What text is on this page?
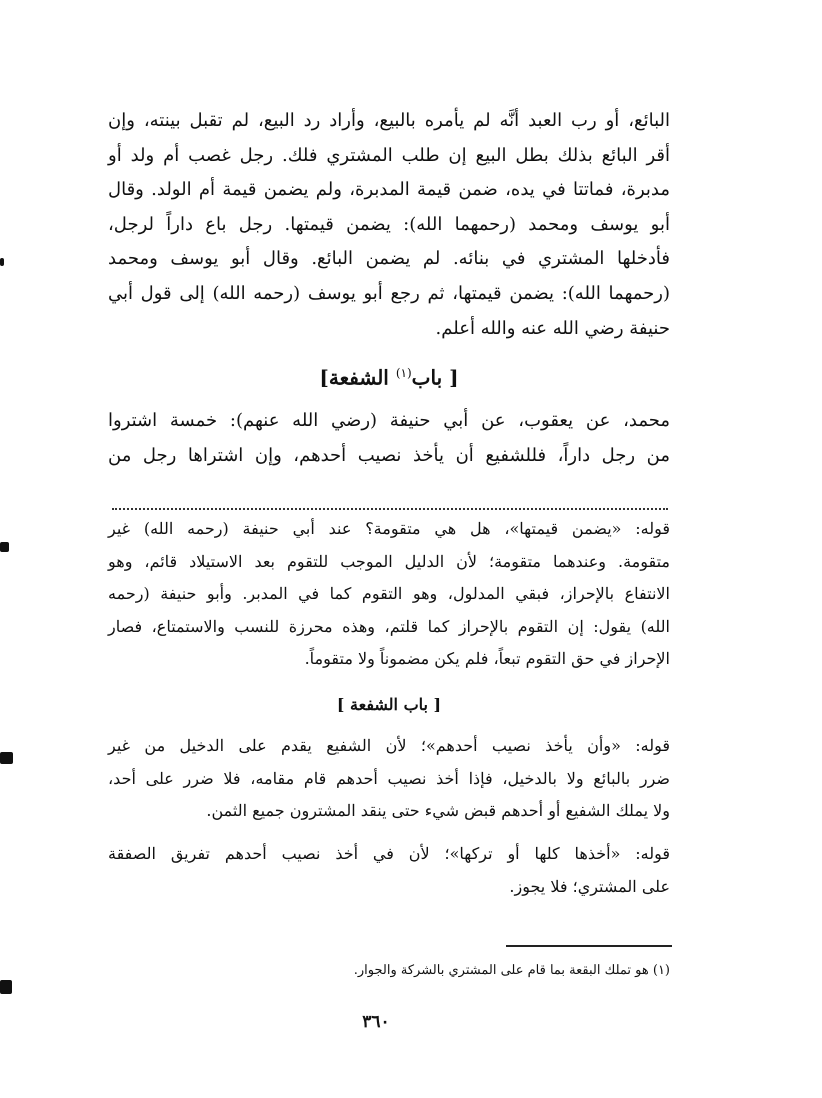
البائع، أو رب العبد أنَّه لم يأمره بالبيع، وأراد رد البيع، لم تقبل بينته، وإن
أقر البائع بذلك بطل البيع إن طلب المشتري فلك. رجل غصب أم ولد أو
مدبرة، فماتتا في يده، ضمن قيمة المدبرة، ولم يضمن قيمة أم الولد. وقال
أبو يوسف ومحمد (رحمهما الله): يضمن قيمتها. رجل باع داراً لرجل،
فأدخلها المشتري في بنائه. لم يضمن البائع. وقال أبو يوسف ومحمد
(رحمهما الله): يضمن قيمتها، ثم رجع أبو يوسف (رحمه الله) إلى قول أبي
حنيفة رضي الله عنه والله أعلم.
[ باب$^{(١)}$ الشفعة]
محمد، عن يعقوب، عن أبي حنيفة (رضي الله عنهم): خمسة اشتروا
من رجل داراً، فللشفيع أن يأخذ نصيب أحدهم، وإن اشتراها رجل من
قوله: «يضمن قيمتها»، هل هي متقومة؟ عند أبي حنيفة (رحمه الله) غير
متقومة. وعندهما متقومة؛ لأن الدليل الموجب للتقوم بعد الاستيلاد قائم، وهو
الانتفاع بالإحراز، فبقي المدلول، وهو التقوم كما في المدبر. وأبو حنيفة (رحمه
الله) يقول: إن التقوم بالإحراز كما قلتم، وهذه محرزة للنسب والاستمتاع، فصار
الإحراز في حق التقوم تبعاً، فلم يكن مضموناً ولا متقوماً.
[ باب الشفعة ]
قوله: «وأن يأخذ نصيب أحدهم»؛ لأن الشفيع يقدم على الدخيل من غير
ضرر بالبائع ولا بالدخيل، فإذا أخذ نصيب أحدهم قام مقامه، فلا ضرر على أحد،
ولا يملك الشفيع أو أحدهم قبض شيء حتى ينقد المشترون جميع الثمن.
قوله: «أخذها كلها أو تركها»؛ لأن في أخذ نصيب أحدهم تفريق الصفقة
على المشتري؛ فلا يجوز.
(١) هو تملك البقعة بما قام على المشتري بالشركة والجوار.
٣٦٠
